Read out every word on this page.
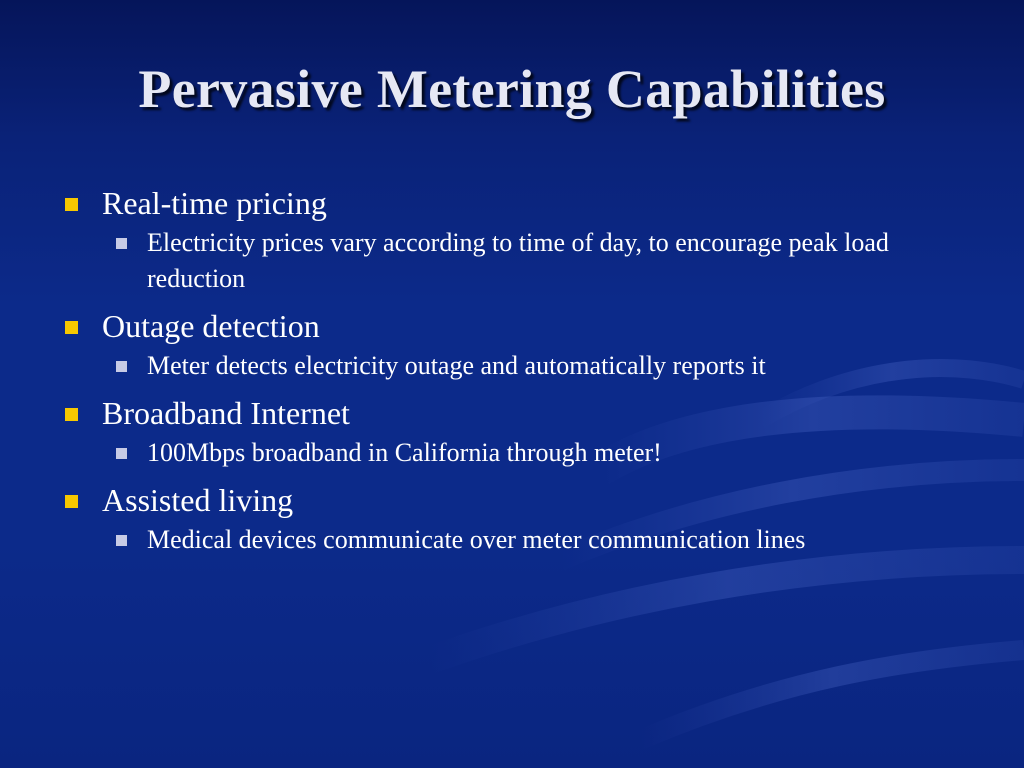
Pervasive Metering Capabilities
Real-time pricing
Electricity prices vary according to time of day, to encourage peak load reduction
Outage detection
Meter detects electricity outage and automatically reports it
Broadband Internet
100Mbps broadband in California through meter!
Assisted living
Medical devices communicate over meter communication lines
